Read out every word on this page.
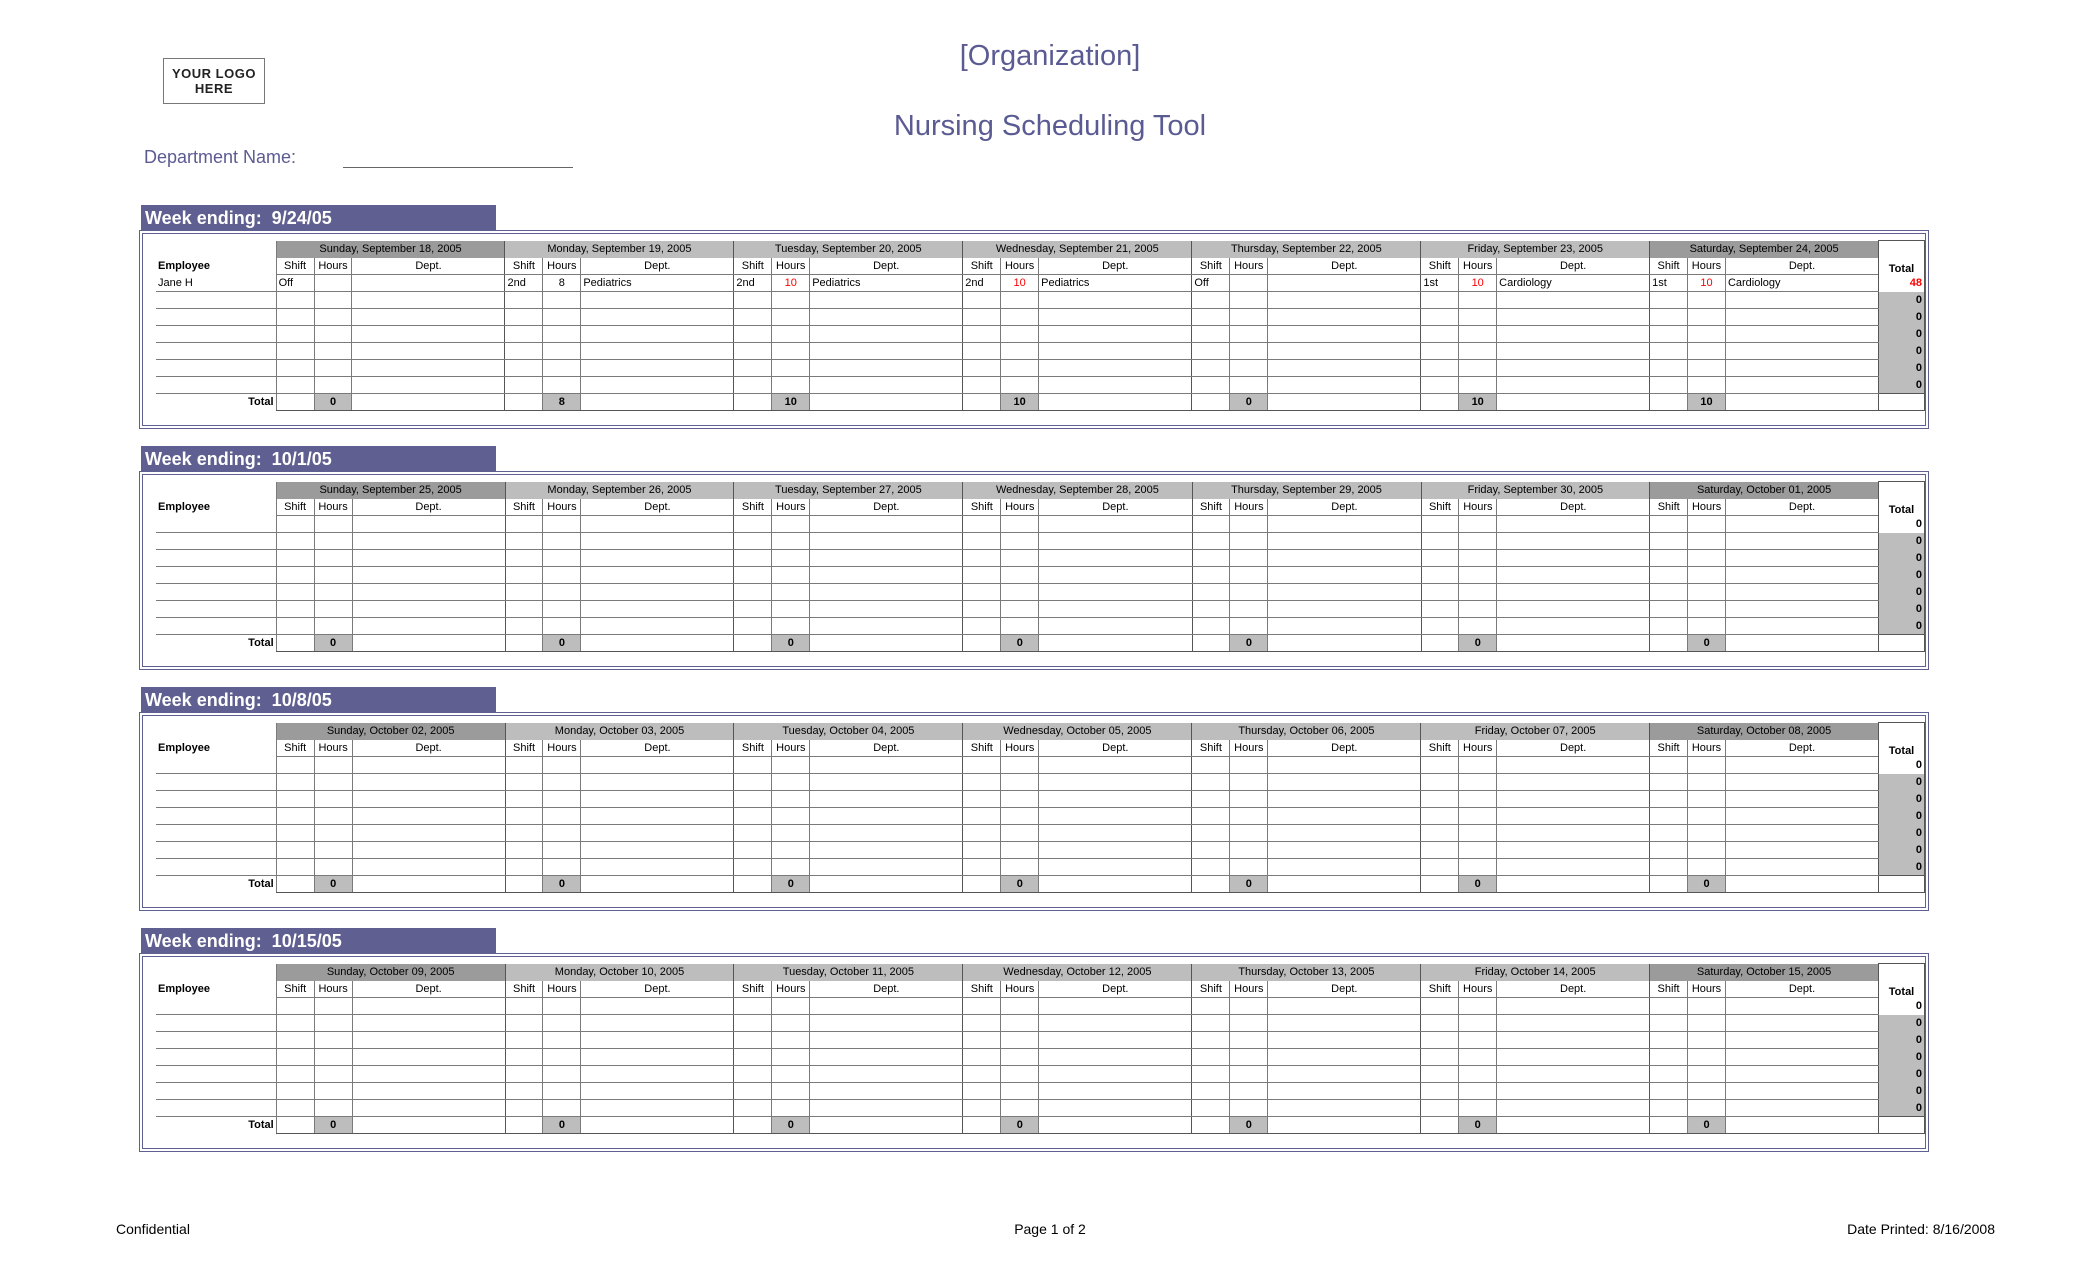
YOUR LOGO
HERE
[Organization]
Nursing Scheduling Tool
Department Name:
Week ending:  9/24/05
	Sunday, September 18, 2005			Monday, September 19, 2005			Tuesday, September 20, 2005			Wednesday, September 21, 2005			Thursday, September 22, 2005			Friday, September 23, 2005			Saturday, September 24, 2005			Total
Employee	Shift	Hours	Dept.	Shift	Hours	Dept.	Shift	Hours	Dept.	Shift	Hours	Dept.	Shift	Hours	Dept.	Shift	Hours	Dept.	Shift	Hours	Dept.	
Jane H	Off			2nd	8	Pediatrics	2nd	10	Pediatrics	2nd	10	Pediatrics	Off			1st	10	Cardiology	1st	10	Cardiology	48
																						0
																						0
																						0
																						0
																						0
																						0
Total		0			8			10			10			0			10			10		
Week ending:  10/1/05
	Sunday, September 25, 2005			Monday, September 26, 2005			Tuesday, September 27, 2005			Wednesday, September 28, 2005			Thursday, September 29, 2005			Friday, September 30, 2005			Saturday, October 01, 2005			Total
Employee	Shift	Hours	Dept.	Shift	Hours	Dept.	Shift	Hours	Dept.	Shift	Hours	Dept.	Shift	Hours	Dept.	Shift	Hours	Dept.	Shift	Hours	Dept.	
																						0
																						0
																						0
																						0
																						0
																						0
																						0
Total		0			0			0			0			0			0			0		
Week ending:  10/8/05
	Sunday, October 02, 2005			Monday, October 03, 2005			Tuesday, October 04, 2005			Wednesday, October 05, 2005			Thursday, October 06, 2005			Friday, October 07, 2005			Saturday, October 08, 2005			Total
Employee	Shift	Hours	Dept.	Shift	Hours	Dept.	Shift	Hours	Dept.	Shift	Hours	Dept.	Shift	Hours	Dept.	Shift	Hours	Dept.	Shift	Hours	Dept.	
																						0
																						0
																						0
																						0
																						0
																						0
																						0
Total		0			0			0			0			0			0			0		
Week ending:  10/15/05
	Sunday, October 09, 2005			Monday, October 10, 2005			Tuesday, October 11, 2005			Wednesday, October 12, 2005			Thursday, October 13, 2005			Friday, October 14, 2005			Saturday, October 15, 2005			Total
Employee	Shift	Hours	Dept.	Shift	Hours	Dept.	Shift	Hours	Dept.	Shift	Hours	Dept.	Shift	Hours	Dept.	Shift	Hours	Dept.	Shift	Hours	Dept.	
																						0
																						0
																						0
																						0
																						0
																						0
																						0
Total		0			0			0			0			0			0			0		
Confidential	Page 1 of 2	Date Printed: 8/16/2008
